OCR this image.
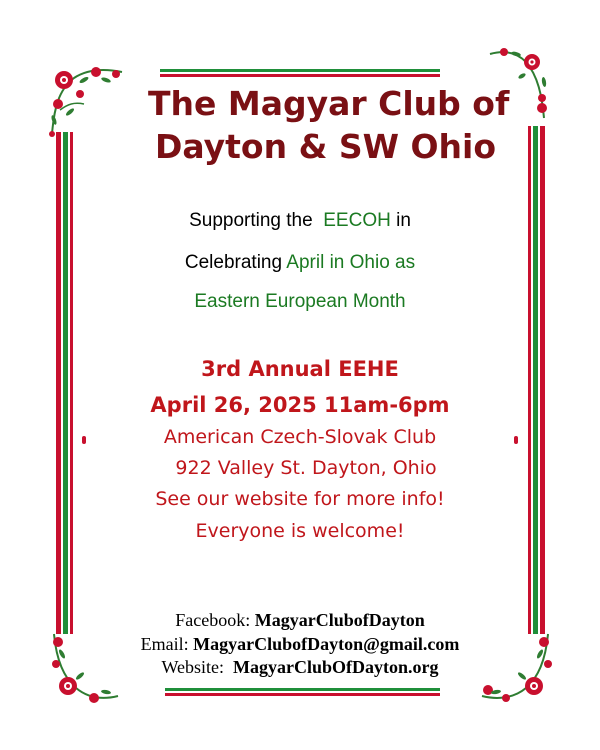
The Magyar Club of
Dayton & SW Ohio
Supporting the EECOH in
Celebrating April in Ohio as
Eastern European Month
3rd Annual EEHE
April 26, 2025 11am-6pm
American Czech-Slovak Club
922 Valley St. Dayton, Ohio
See our website for more info!
Everyone is welcome!
Facebook: MagyarClubofDayton
Email: MagyarClubofDayton@gmail.com
Website: MagyarClubOfDayton.org
